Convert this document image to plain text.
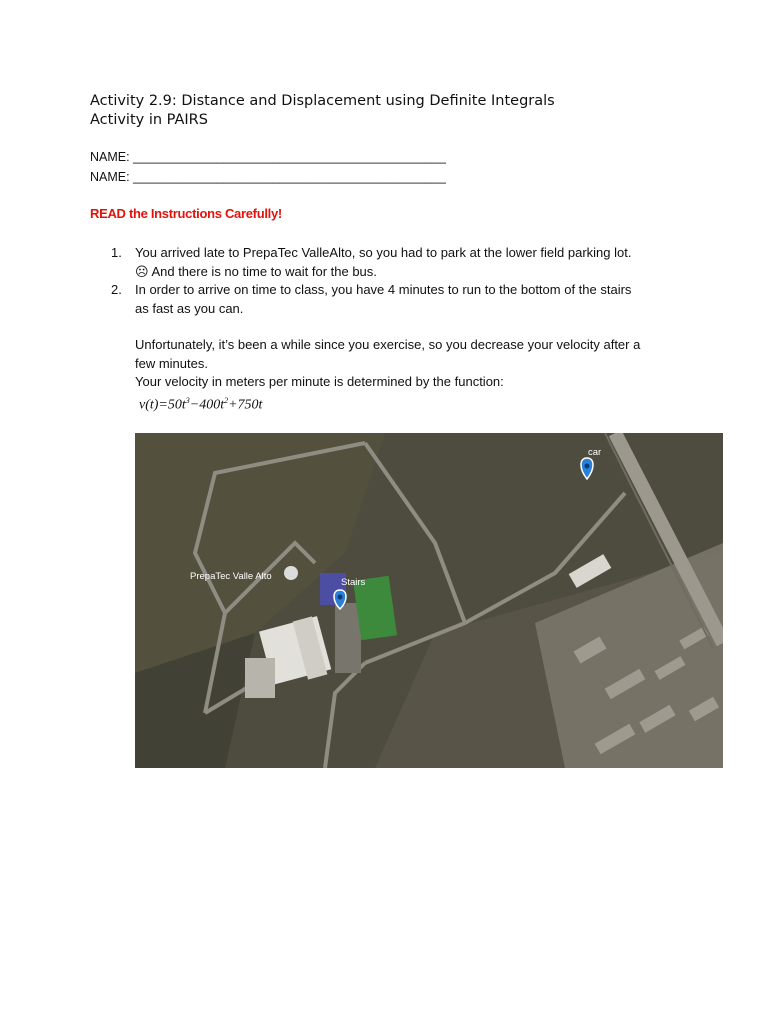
Activity 2.9: Distance and Displacement using Definite Integrals
Activity in PAIRS
NAME: _____________________________________________
NAME: _____________________________________________
READ the Instructions Carefully!
1.	You arrived late to PrepaTec ValleAlto, so you had to park at the lower field parking lot.
☹ And there is no time to wait for the bus.
2.	In order to arrive on time to class, you have 4 minutes to run to the bottom of the stairs
as fast as you can.
Unfortunately, it’s been a while since you exercise, so you decrease your velocity after a
few minutes.
Your velocity in meters per minute is determined by the function:
$v(t)=50t^3-400t^2+750t$
PrepaTec Valle Alto
Stairs
car
